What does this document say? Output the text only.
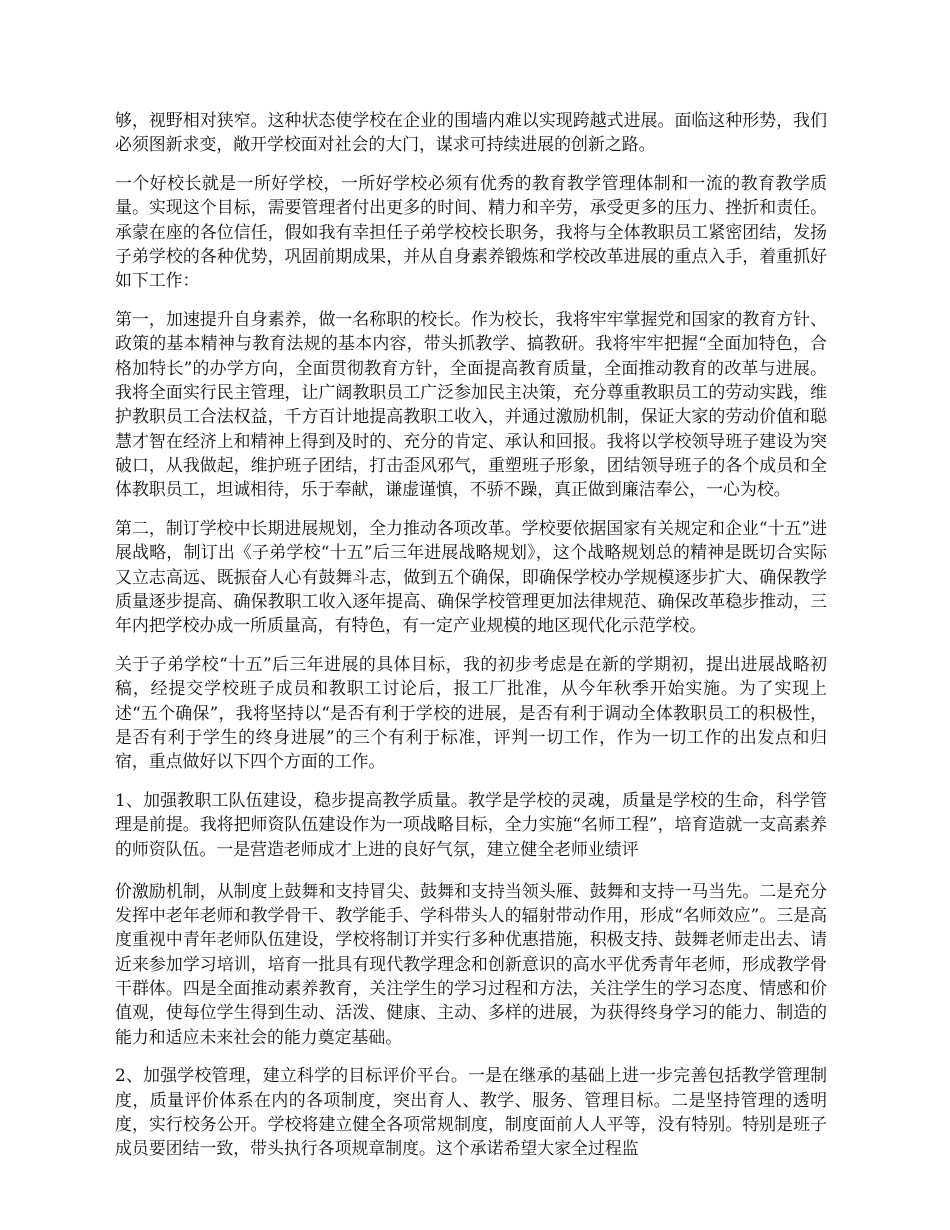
够，视野相对狭窄。这种状态使学校在企业的围墙内难以实现跨越式进展。面临这种形势，我们必须图新求变，敞开学校面对社会的大门，谋求可持续进展的创新之路。

一个好校长就是一所好学校，一所好学校必须有优秀的教育教学管理体制和一流的教育教学质量。实现这个目标，需要管理者付出更多的时间、精力和辛劳，承受更多的压力、挫折和责任。承蒙在座的各位信任，假如我有幸担任子弟学校校长职务，我将与全体教职员工紧密团结，发扬子弟学校的各种优势，巩固前期成果，并从自身素养锻炼和学校改革进展的重点入手，着重抓好如下工作：

第一，加速提升自身素养，做一名称职的校长。作为校长，我将牢牢掌握党和国家的教育方针、政策的基本精神与教育法规的基本内容，带头抓教学、搞教研。我将牢牢把握“全面加特色，合格加特长”的办学方向，全面贯彻教育方针，全面提高教育质量，全面推动教育的改革与进展。我将全面实行民主管理，让广阔教职员工广泛参加民主决策，充分尊重教职员工的劳动实践，维护教职员工合法权益，千方百计地提高教职工收入，并通过激励机制，保证大家的劳动价值和聪慧才智在经济上和精神上得到及时的、充分的肯定、承认和回报。我将以学校领导班子建设为突破口，从我做起，维护班子团结，打击歪风邪气，重塑班子形象，团结领导班子的各个成员和全体教职员工，坦诚相待，乐于奉献，谦虚谨慎，不骄不躁，真正做到廉洁奉公，一心为校。

第二，制订学校中长期进展规划，全力推动各项改革。学校要依据国家有关规定和企业“十五”进展战略，制订出《子弟学校“十五”后三年进展战略规划》，这个战略规划总的精神是既切合实际又立志高远、既振奋人心有鼓舞斗志，做到五个确保，即确保学校办学规模逐步扩大、确保教学质量逐步提高、确保教职工收入逐年提高、确保学校管理更加法律规范、确保改革稳步推动，三年内把学校办成一所质量高，有特色，有一定产业规模的地区现代化示范学校。

关于子弟学校“十五”后三年进展的具体目标，我的初步考虑是在新的学期初，提出进展战略初稿，经提交学校班子成员和教职工讨论后，报工厂批准，从今年秋季开始实施。为了实现上述“五个确保”，我将坚持以“是否有利于学校的进展，是否有利于调动全体教职员工的积极性，是否有利于学生的终身进展”的三个有利于标准，评判一切工作，作为一切工作的出发点和归宿，重点做好以下四个方面的工作。

1、加强教职工队伍建设，稳步提高教学质量。教学是学校的灵魂，质量是学校的生命，科学管理是前提。我将把师资队伍建设作为一项战略目标，全力实施“名师工程”，培育造就一支高素养的师资队伍。一是营造老师成才上进的良好气氛，建立健全老师业绩评

价激励机制，从制度上鼓舞和支持冒尖、鼓舞和支持当领头雁、鼓舞和支持一马当先。二是充分发挥中老年老师和教学骨干、教学能手、学科带头人的辐射带动作用，形成“名师效应”。三是高度重视中青年老师队伍建设，学校将制订并实行多种优惠措施，积极支持、鼓舞老师走出去、请近来参加学习培训，培育一批具有现代教学理念和创新意识的高水平优秀青年老师，形成教学骨干群体。四是全面推动素养教育，关注学生的学习过程和方法，关注学生的学习态度、情感和价值观，使每位学生得到生动、活泼、健康、主动、多样的进展，为获得终身学习的能力、制造的能力和适应未来社会的能力奠定基础。

2、加强学校管理，建立科学的目标评价平台。一是在继承的基础上进一步完善包括教学管理制度，质量评价体系在内的各项制度，突出育人、教学、服务、管理目标。二是坚持管理的透明度，实行校务公开。学校将建立健全各项常规制度，制度面前人人平等，没有特别。特别是班子成员要团结一致，带头执行各项规章制度。这个承诺希望大家全过程监
